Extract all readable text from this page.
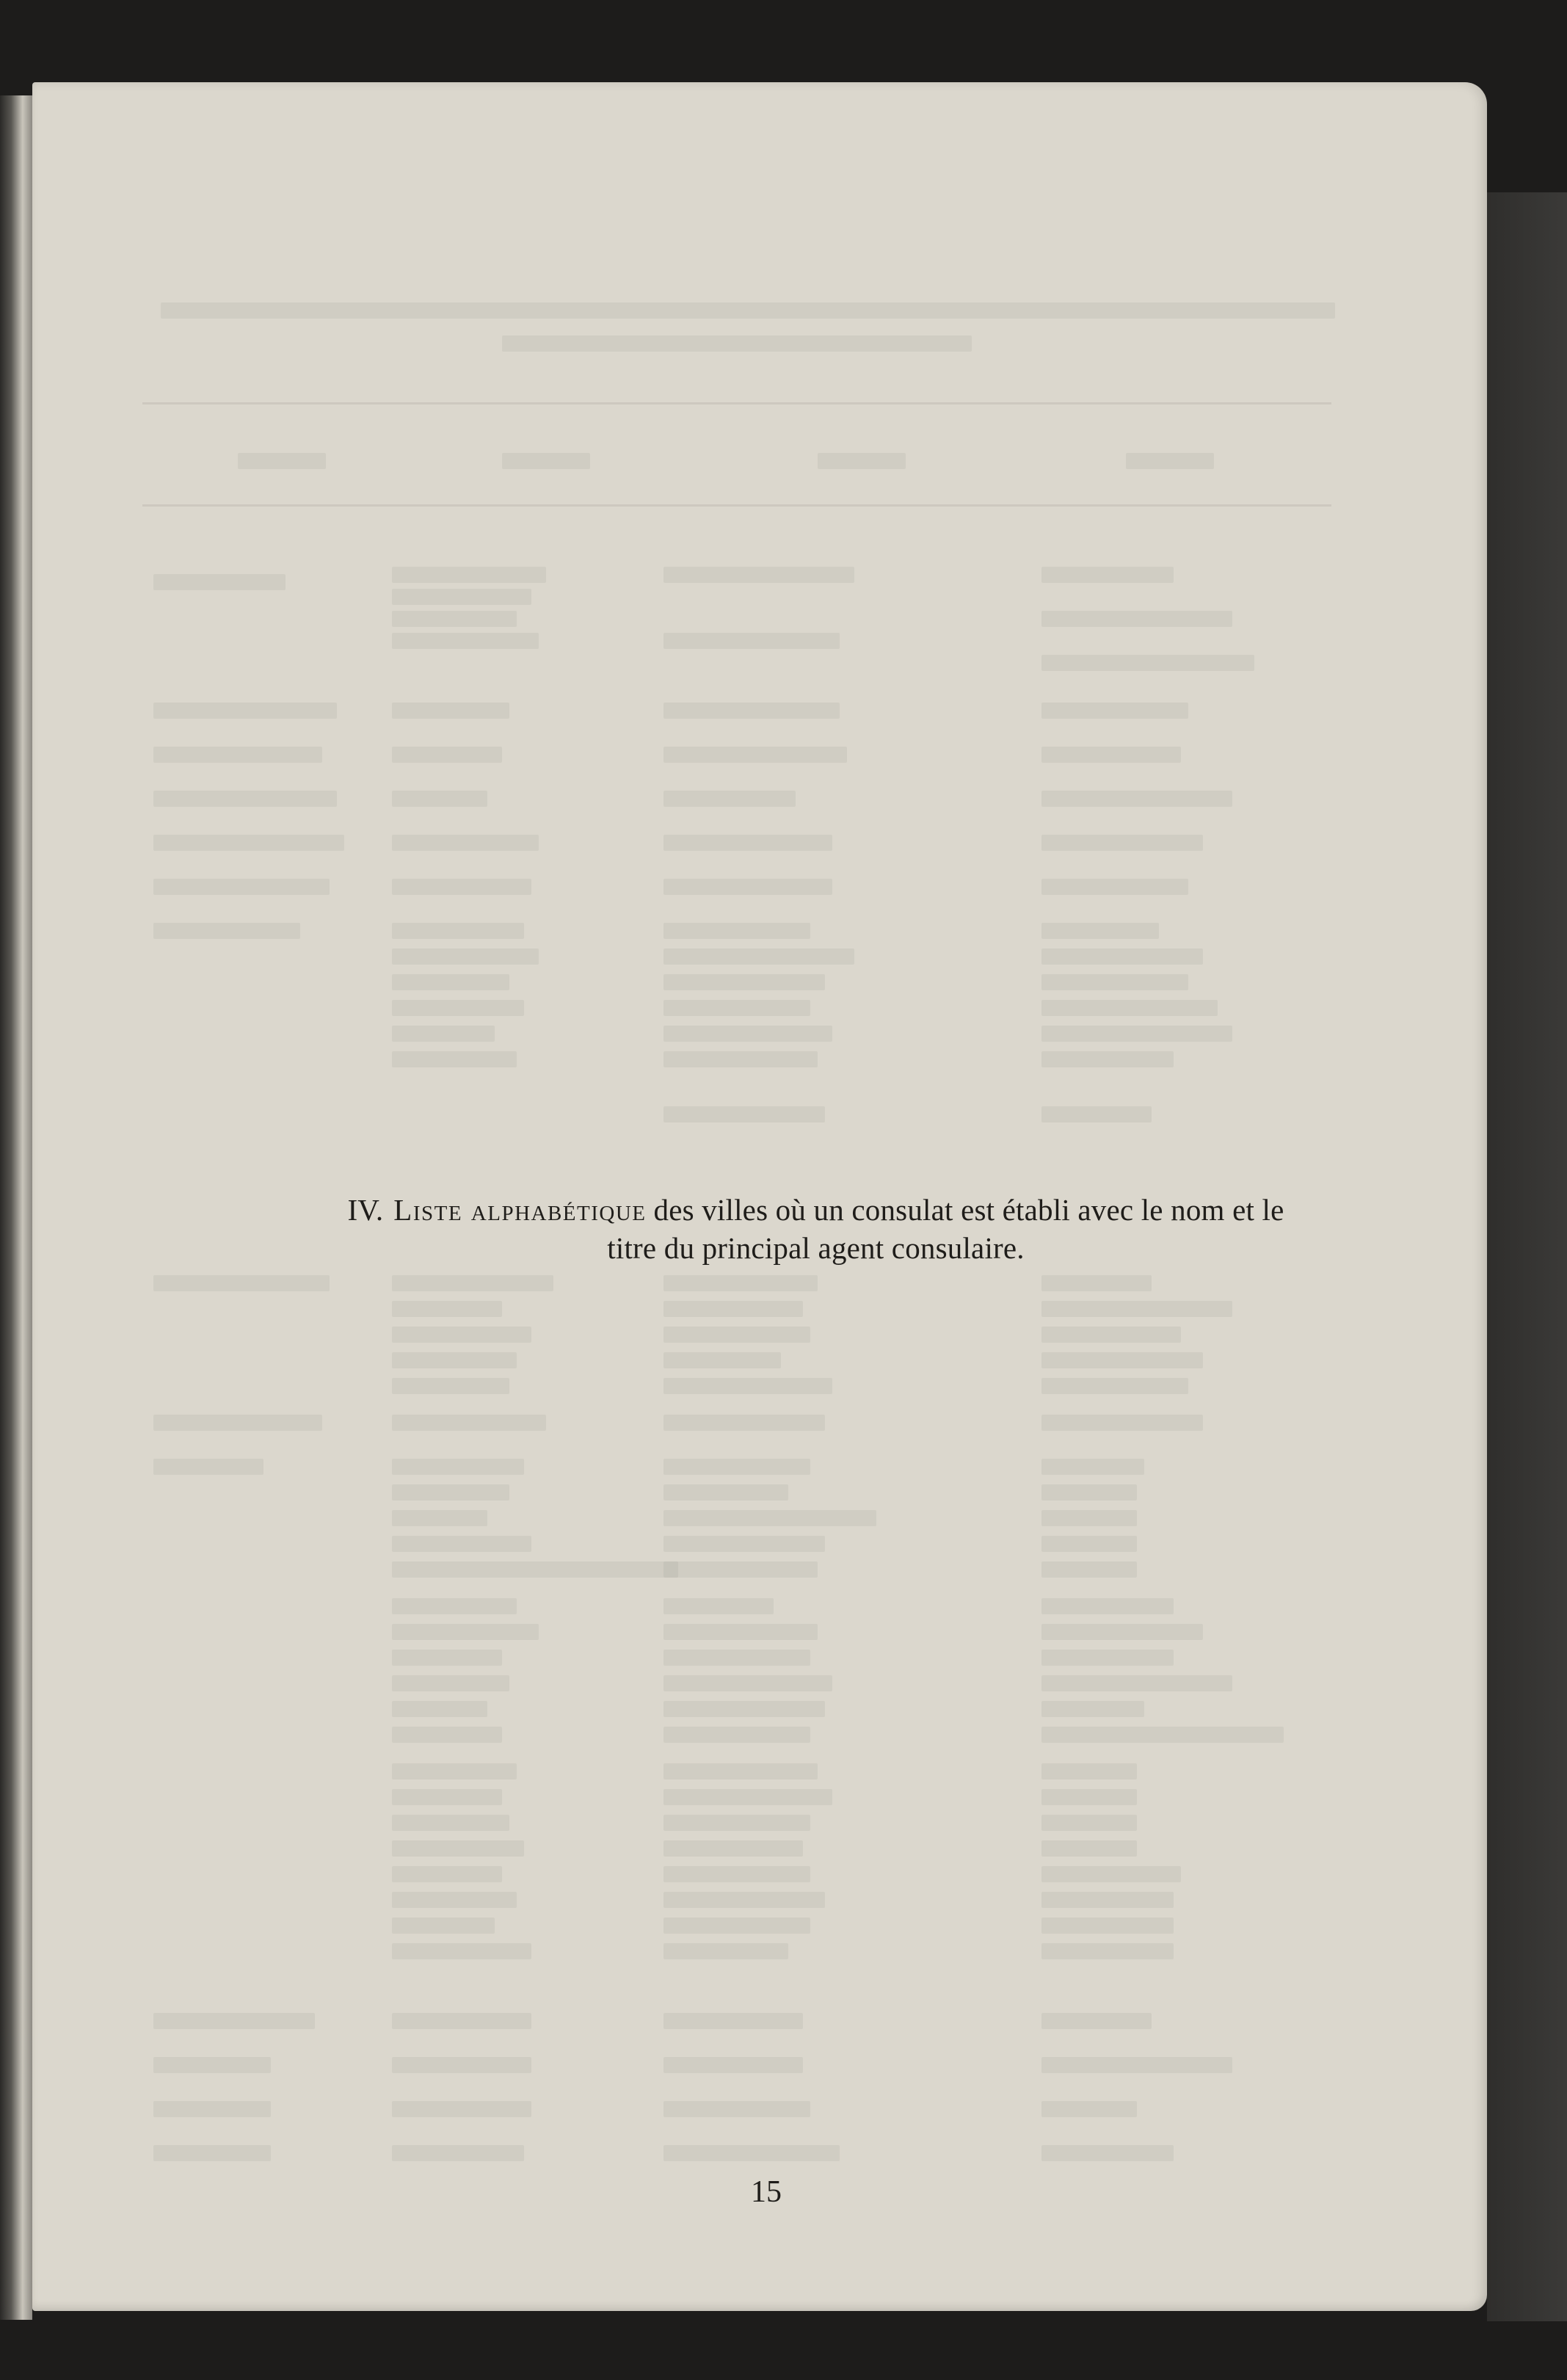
IV. Liste alphabétique des villes où un consulat est établi avec le nom et le
titre du principal agent consulaire.
15
